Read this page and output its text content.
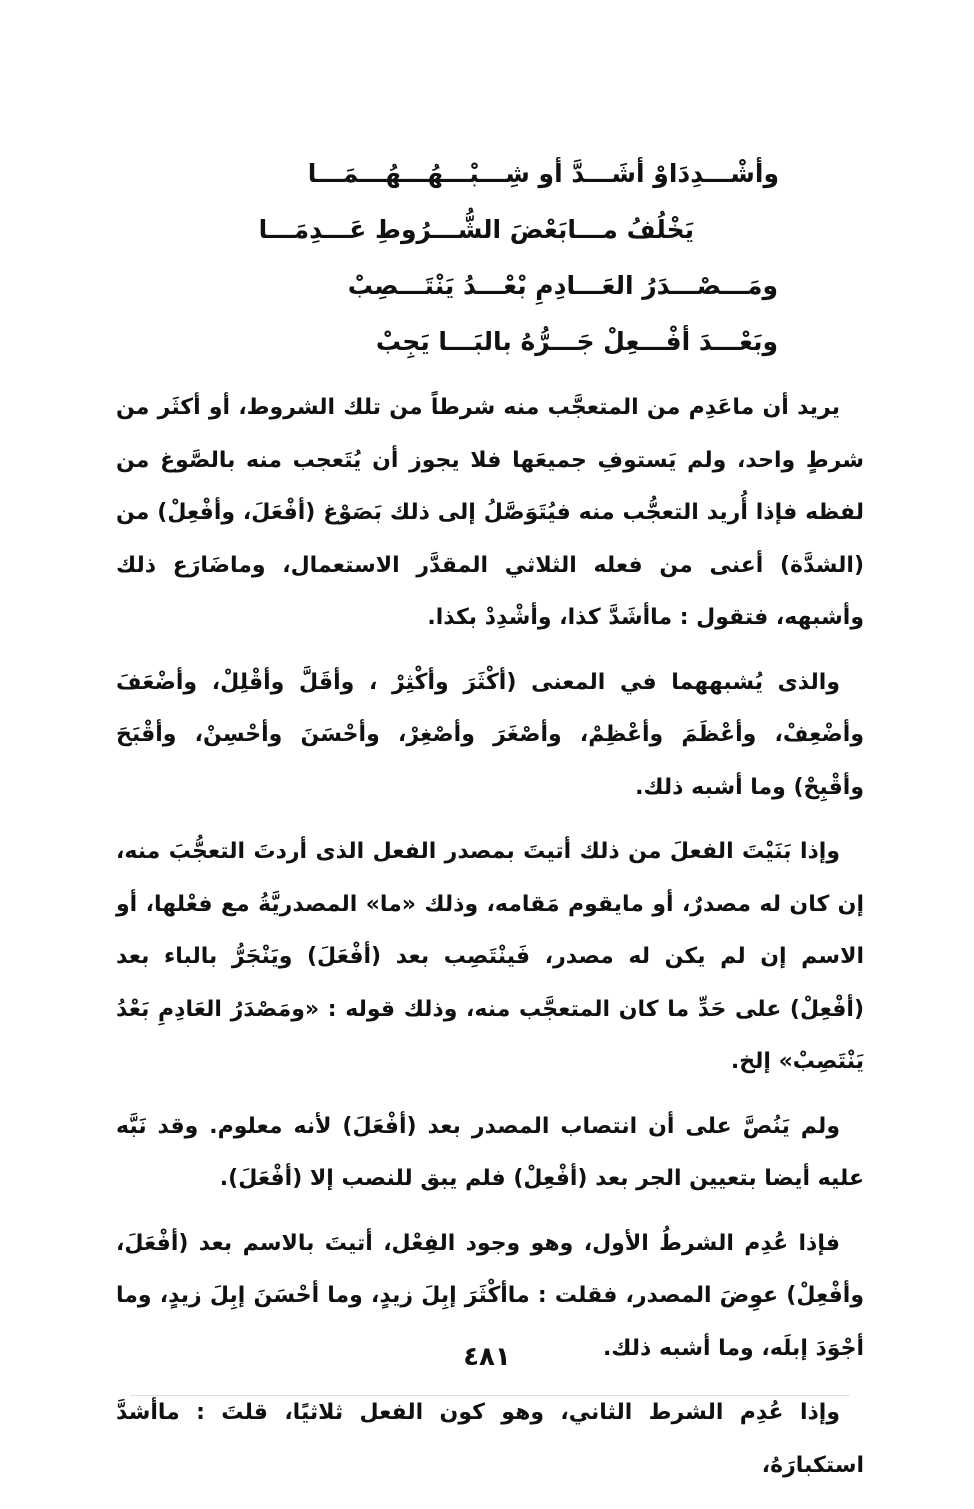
وأشْـــدِدَاوْ أشَـــدَّ أو شِـــبْـــهُـــهُـــمَـــا
يَخْلُفُ مـــابَعْضَ الشُّـــرُوطِ عَـــدِمَـــا
ومَـــصْـــدَرُ العَـــادِمِ بْعْـــدُ يَنْتَـــصِبْ
وبَعْـــدَ أفْـــعِلْ جَـــرُّهُ بالبَـــا يَجِبْ

يريد أن ماعَدِم من المتعجَّب منه شرطاً من تلك الشروط، أو أكثَر من شرطٍ واحد، ولم يَستوفِ جميعَها فلا يجوز أن يُتَعجب منه بالصَّوغ من لفظه فإذا أُريد التعجُّب منه فيُتَوَصَّلُ إلى ذلك بَصَوْغ (أفْعَلَ، وأفْعِلْ) من (الشدَّة) أعنى من فعله الثلاثي المقدَّر الاستعمال، وماضَارَع ذلك وأشبهه، فتقول : ماأشَدَّ كذا، وأشْدِدْ بكذا.

والذى يُشبههما في المعنى (أكْثَرَ وأكْثِرْ ، وأقَلَّ وأقْلِلْ، وأضْعَفَ وأضْعِفْ، وأعْظَمَ وأعْظِمْ، وأصْغَرَ وأصْغِرْ، وأحْسَنَ وأحْسِنْ، وأقْبَحَ وأقْبِحْ) وما أشبه ذلك.

وإذا بَنَيْتَ الفعلَ من ذلك أتيتَ بمصدر الفعل الذى أردتَ التعجُّبَ منه، إن كان له مصدرٌ، أو مايقوم مَقامه، وذلك «ما» المصدريَّةُ مع فعْلها، أو الاسم إن لم يكن له مصدر، فَينْتَصِب بعد (أفْعَلَ) ويَنْجَرُّ بالباء بعد (أفْعِلْ) على حَدِّ ما كان المتعجَّب منه، وذلك قوله : «ومَصْدَرُ العَادِمِ بَعْدُ يَنْتَصِبْ» إلخ.

ولم يَنُصَّ على أن انتصاب المصدر بعد (أفْعَلَ) لأنه معلوم. وقد نَبَّه عليه أيضا بتعيين الجر بعد (أفْعِلْ) فلم يبق للنصب إلا (أفْعَلَ).

فإذا عُدِم الشرطُ الأول، وهو وجود الفِعْل، أتيتَ بالاسم بعد (أفْعَلَ، وأفْعِلْ) عوِضَ المصدر، فقلت : ماأكْثَرَ إبِلَ زيدٍ، وما أحْسَنَ إبِلَ زيدٍ، وما أجْوَدَ إبلَه، وما أشبه ذلك.

وإذا عُدِم الشرط الثاني، وهو كون الفعل ثلاثيًا، قلتَ : ماأشدَّ استكبارَهُ،

٤٨١
